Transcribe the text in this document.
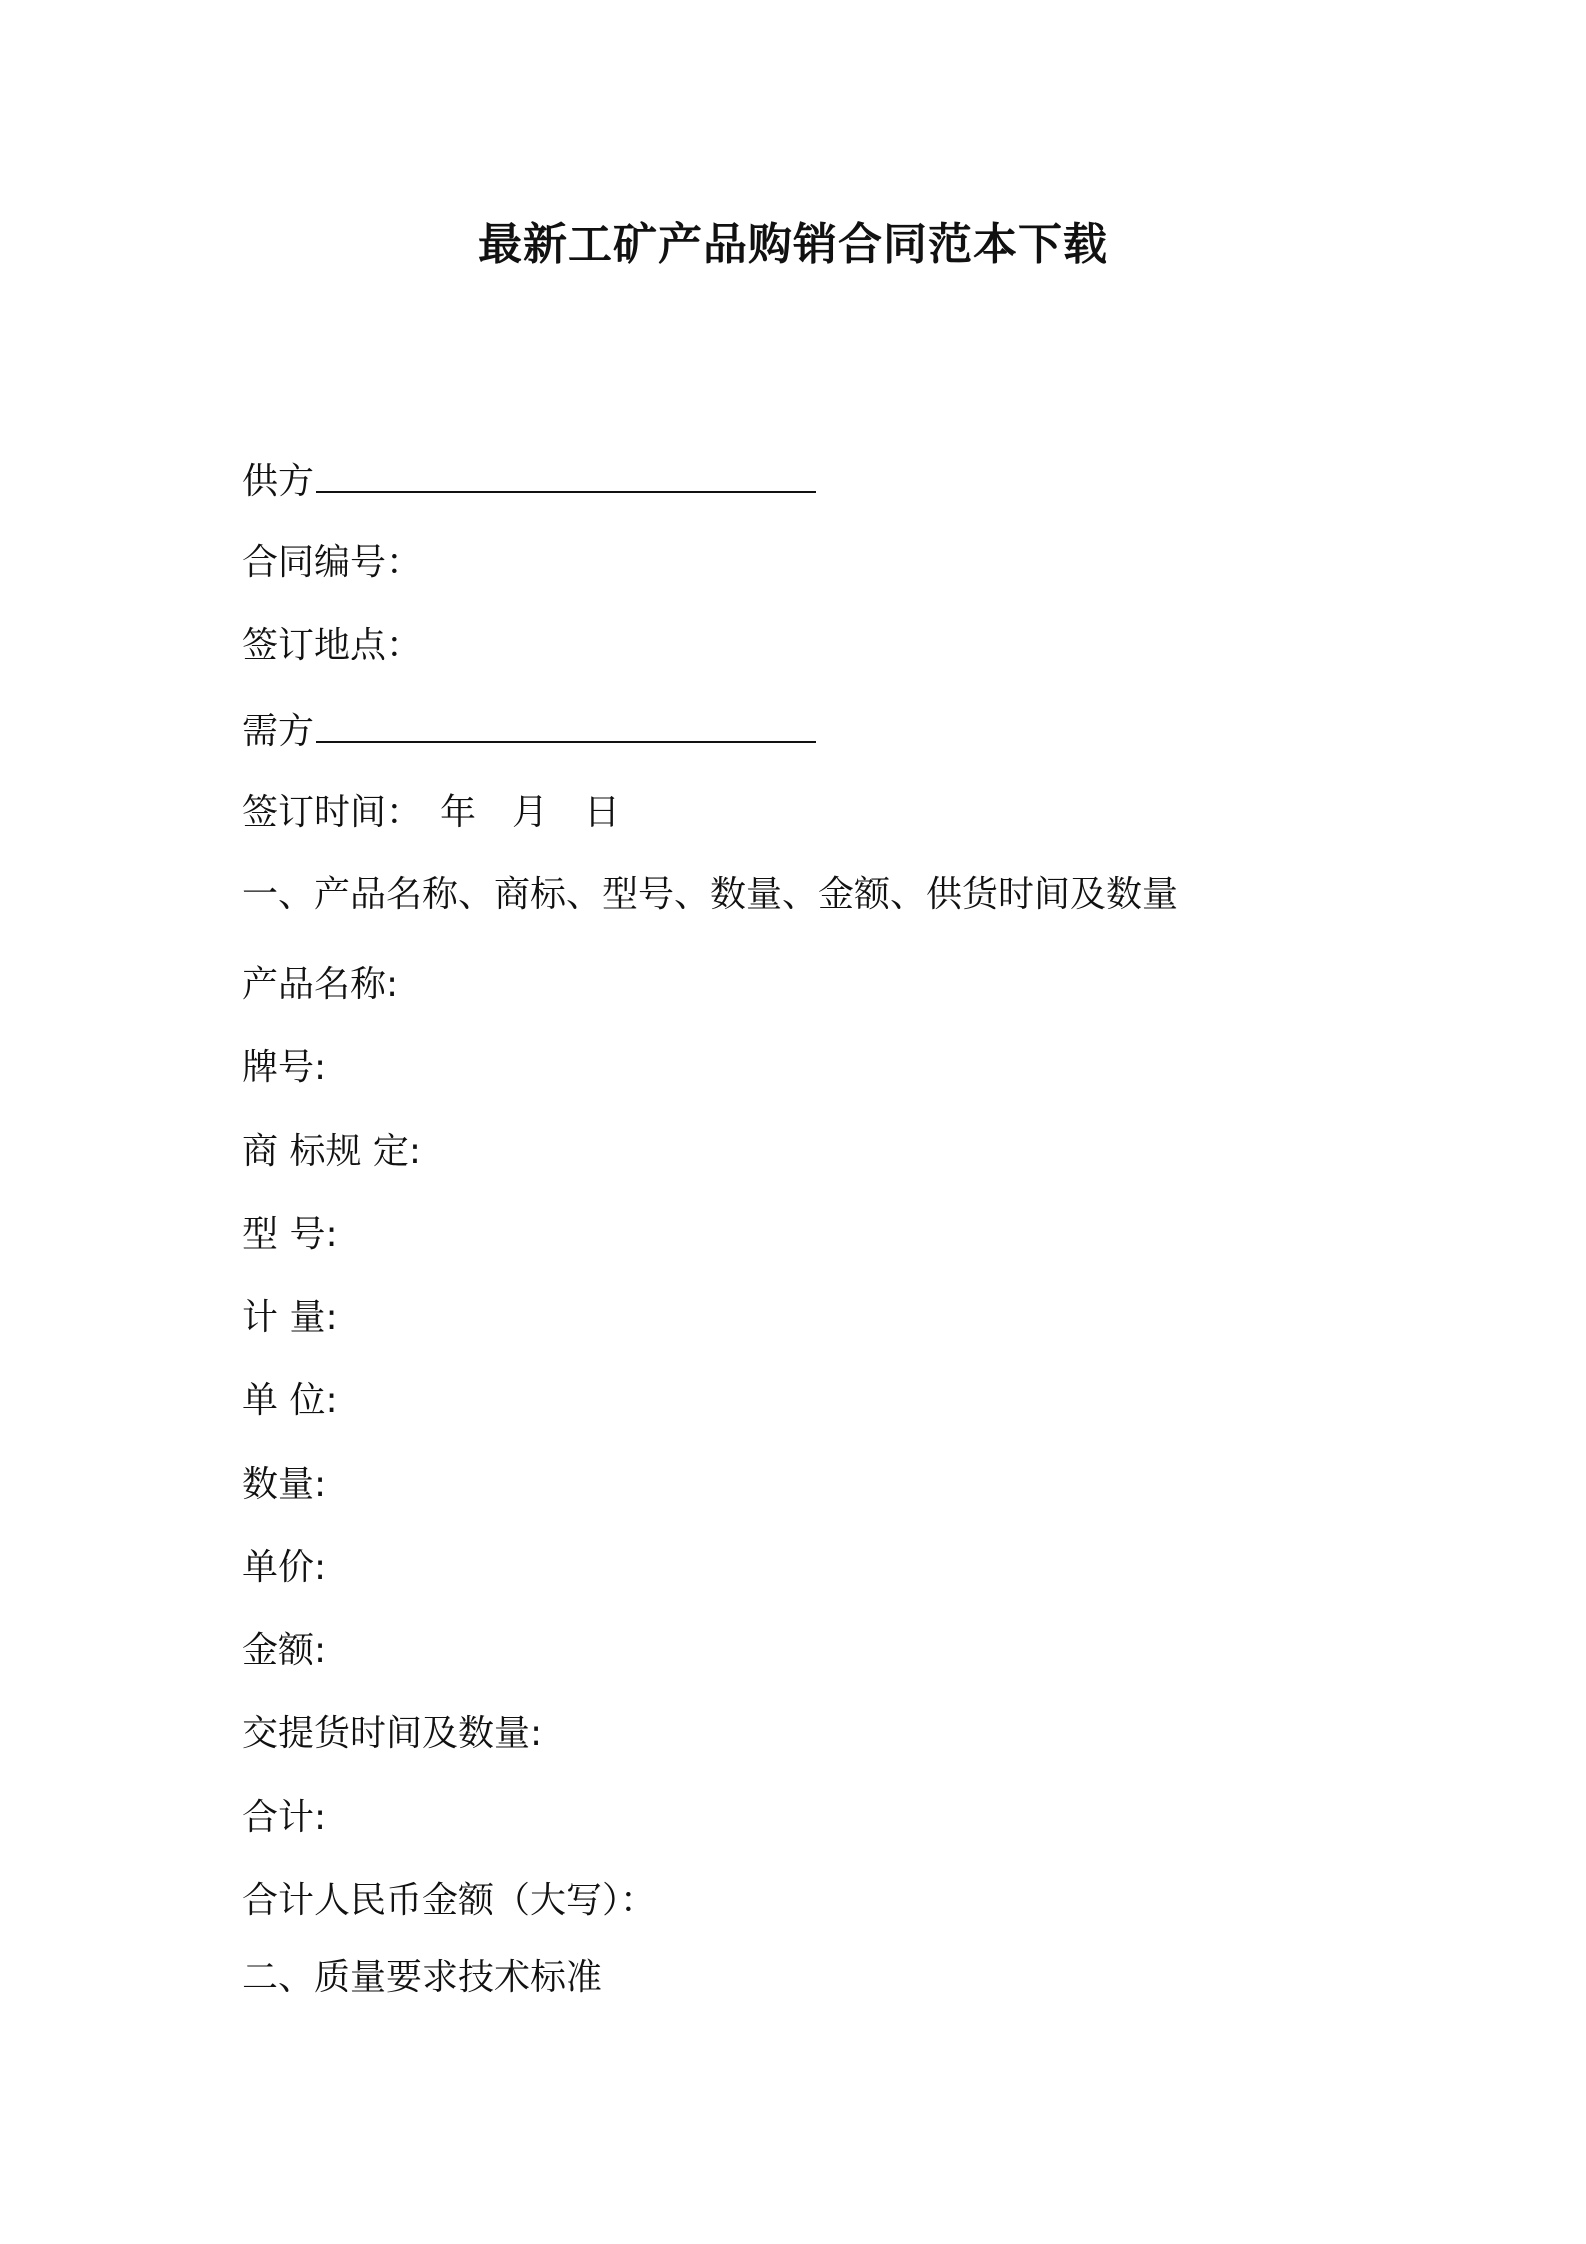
最新工矿产品购销合同范本下载
供方
合同编号：
签订地点：
需方
签订时间：　年　月　日
一、产品名称、商标、型号、数量、金额、供货时间及数量
产品名称:
牌号:
商 标规 定:
型 号:
计 量:
单 位:
数量:
单价:
金额:
交提货时间及数量:
合计:
合计人民币金额（大写）：
二、质量要求技术标准
